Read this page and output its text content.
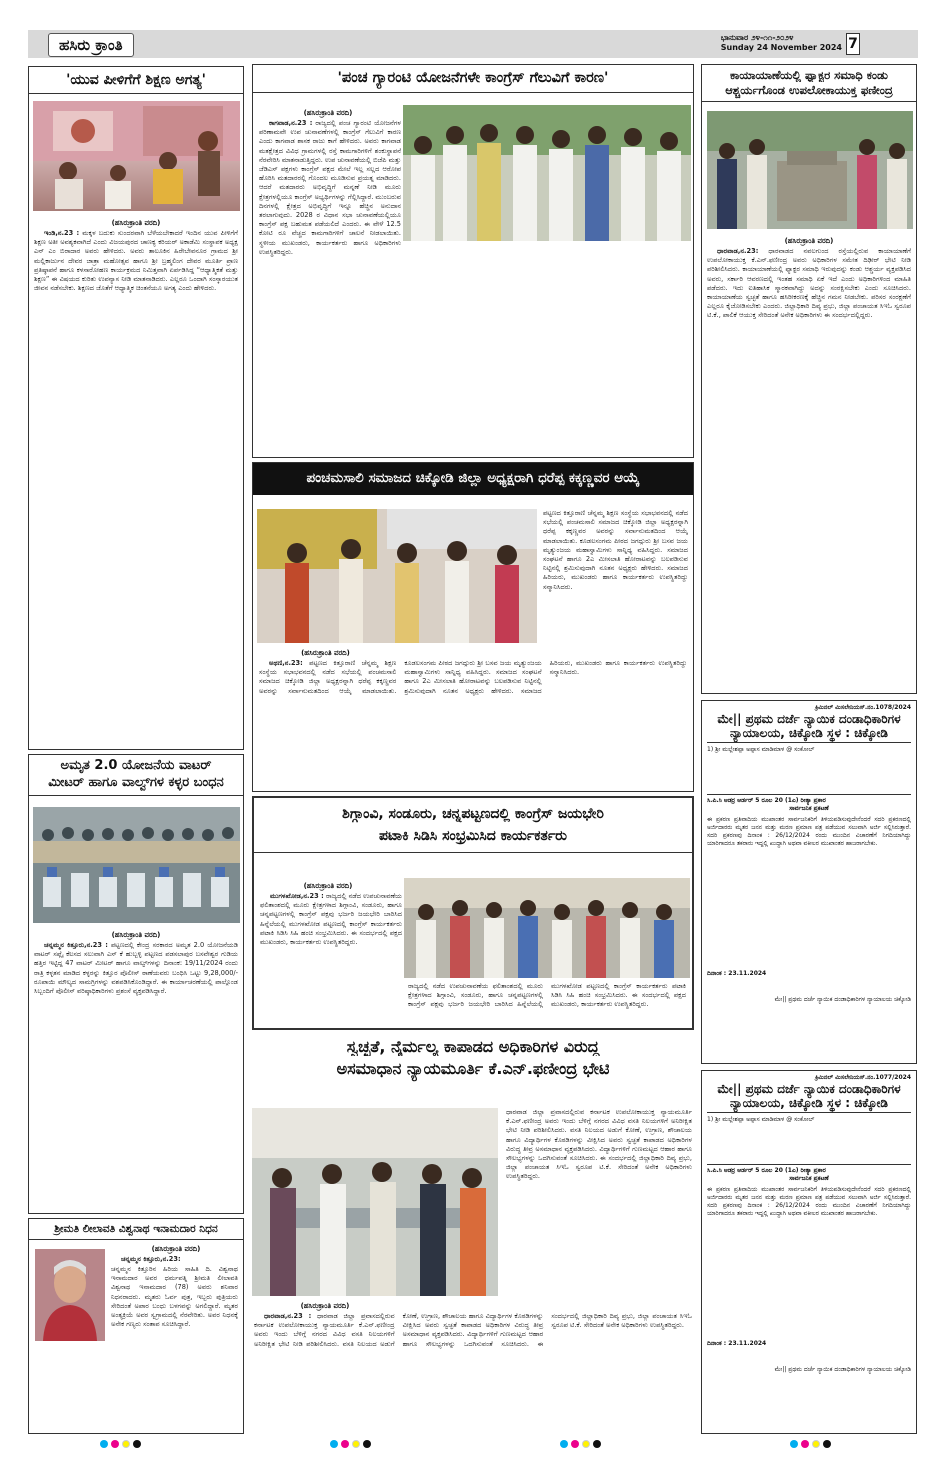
ಹಸಿರು ಕ್ರಾಂತಿ	ಭಾನುವಾರ ೨೪-೧೧-೨೦೨೪
Sunday 24 November 2024 7
'ಯುವ ಪೀಳಿಗೆಗೆ ಶಿಕ್ಷಣ ಅಗತ್ಯ'
(ಹಸಿರುಕ್ರಾಂತಿ ವರದಿ)

ಇಂಡಿ,ನ.23 : ಮಕ್ಕಳ ಬದುಕು ಸುಂದರವಾಗಿ ಬೆಳೆಯಬೇಕಾದರೆ ಇಂದಿನ ಯುವ ಪೀಳಿಗೆಗೆ ಶಿಕ್ಷಣ ಅತೀ ಅವಶ್ಯಕವಾಗಿದೆ ಎಂದು ವಿಜಯಪುರದ ಚಾಣಕ್ಯ ಕರಿಯರ್ ಅಕಾಡೆಮಿ ಸಂಸ್ಥಾಪಕ ಅಧ್ಯಕ್ಷ ಎನ್ ಎಂ ಬಿರಾದಾರ ಅವರು ಹೇಳಿದರು. ಅವರು ತಾಲೂಕಿನ ಹಿರೇಬೇವನೂರ ಗ್ರಾಮದ ಶ್ರೀ ಮಲ್ಲಿಕಾರ್ಜುನ ದೇವರ ಜಾತ್ರಾ ಮಹೋತ್ಸವ ಹಾಗೂ ಶ್ರೀ ಬ್ರಹ್ಮಲಿಂಗ ದೇವರ ಮೂರ್ತಿ ಪ್ರಾಣ ಪ್ರತಿಷ್ಠಾಪನೆ ಹಾಗೂ ಕಳಸಾರೋಹಣ ಕಾರ್ಯಕ್ರಮದ ನಿಮಿತ್ತವಾಗಿ ಏರ್ಪಡಿಸಿದ್ದ “ಆಧ್ಯಾತ್ಮಿಕತೆ ಮತ್ತು ಶಿಕ್ಷಣ” ಈ ವಿಷಯದ ಕುರಿತು ಉಪನ್ಯಾಸ ನೀಡಿ ಮಾತನಾಡಿದರು. ಎಲ್ಲರೂ ಒಂದಾಗಿ ಸಂಸ್ಕಾರಯುತ ಜೀವನ ನಡೆಸಬೇಕು. ಶಿಕ್ಷಣದ ಜೊತೆಗೆ ಆಧ್ಯಾತ್ಮಿಕ ಚಿಂತನೆಯೂ ಅಗತ್ಯ ಎಂದು ಹೇಳಿದರು.

ಅಮೃತ 2.0 ಯೋಜನೆಯ ವಾಟರ್
ಮೀಟರ್ ಹಾಗೂ ವಾಲ್ವ್‌ಗಳ ಕಳ್ಳರ ಬಂಧನ
(ಹಸಿರುಕ್ರಾಂತಿ ವರದಿ)

ಚನ್ನಮ್ಮನ ಕಿತ್ತೂರು,ನ.23 : ಪಟ್ಟಣದಲ್ಲಿ ಕೇಂದ್ರ ಸರಕಾರದ ಅಮೃತ 2.0 ಯೋಜನೆಯಡಿ ವಾಟರ್ ಸಪ್ಲೈ ಕೆಲಸದ ಸಲುವಾಗಿ ಎಸ್ ಕೆ ಹುಬ್ಬಳ್ಳಿ ಪಟ್ಟಣದ ಪಡಸಲಾಪುರ ಬಸವೇಶ್ವರ ಗುಡಿಯ ಹತ್ತಿರ ಇಟ್ಟಿದ್ದ 47 ವಾಟರ್ ಮೀಟರ್ ಹಾಗೂ ವಾಲ್ವ್‌ಗಳನ್ನು ದಿನಾಂಕ: 19/11/2024 ರಂದು ರಾತ್ರಿ ಕಳ್ಳತನ ಮಾಡಿದ ಕಳ್ಳರನ್ನು ಕಿತ್ತೂರ ಪೊಲೀಸ್ ಠಾಣೆಯವರು ಬಂಧಿಸಿ ಒಟ್ಟು 9,28,000/- ರೂಪಾಯಿ ಮೌಲ್ಯದ ಸಾಮಗ್ರಿಗಳನ್ನು ವಶಪಡಿಸಿಕೊಂಡಿದ್ದಾರೆ. ಈ ಕಾರ್ಯಾಚರಣೆಯಲ್ಲಿ ಪಾಲ್ಗೊಂಡ ಸಿಬ್ಬಂದಿಗೆ ಪೊಲೀಸ್ ವರಿಷ್ಠಾಧಿಕಾರಿಗಳು ಪ್ರಶಂಸೆ ವ್ಯಕ್ತಪಡಿಸಿದ್ದಾರೆ.

ಶ್ರೀಮತಿ ಲೀಲಾವತಿ ವಿಶ್ವನಾಥ ಇನಾಮದಾರ ನಿಧನ
(ಹಸಿರುಕ್ರಾಂತಿ ವರದಿ)

ಚನ್ನಮ್ಮನ ಕಿತ್ತೂರು,ನ.23:

ಚನ್ನಮ್ಮನ ಕಿತ್ತೂರಿನ ಹಿರಿಯ ಸಾಹಿತಿ ದಿ. ವಿಶ್ವನಾಥ ಇನಾಮದಾರ ಅವರ ಧರ್ಮಪತ್ನಿ ಶ್ರೀಮತಿ ಲೀಲಾವತಿ ವಿಶ್ವನಾಥ ಇನಾಮದಾರ (78) ಅವರು ಶನಿವಾರ ನಿಧನರಾದರು. ಮೃತರು ಓರ್ವ ಪುತ್ರ, ಇಬ್ಬರು ಪುತ್ರಿಯರು ಸೇರಿದಂತೆ ಅಪಾರ ಬಂಧು ಬಳಗವನ್ನು ಅಗಲಿದ್ದಾರೆ. ಮೃತರ ಅಂತ್ಯಕ್ರಿಯೆ ಅವರ ಸ್ವಗ್ರಾಮದಲ್ಲಿ ನೆರವೇರಿತು. ಅವರ ನಿಧನಕ್ಕೆ ಅನೇಕ ಗಣ್ಯರು ಸಂತಾಪ ಸೂಚಿಸಿದ್ದಾರೆ.
'ಪಂಚ ಗ್ಯಾರಂಟಿ ಯೋಜನೆಗಳೇ ಕಾಂಗ್ರೆಸ್ ಗೆಲುವಿಗೆ ಕಾರಣ'
(ಹಸಿರುಕ್ರಾಂತಿ ವರದಿ)

ಕಾಗವಾಡ,ನ.23 : ರಾಜ್ಯದಲ್ಲಿ ಪಂಚ ಗ್ಯಾರಂಟಿ ಯೋಜನೆಗಳ ಪರಿಣಾಮವೇ ಉಪ ಚುನಾವಣೆಗಳಲ್ಲಿ ಕಾಂಗ್ರೆಸ್ ಗೆಲುವಿಗೆ ಕಾರಣ ಎಂದು ಕಾಗವಾಡ ಶಾಸಕ ರಾಜು ಕಾಗೆ ಹೇಳಿದರು. ಅವರು ಕಾಗವಾಡ ಮತಕ್ಷೇತ್ರದ ವಿವಿಧ ಗ್ರಾಮಗಳಲ್ಲಿ ರಸ್ತೆ ಕಾಮಗಾರಿಗಳಿಗೆ ಶಂಕುಸ್ಥಾಪನೆ ನೆರವೇರಿಸಿ ಮಾತನಾಡುತ್ತಿದ್ದರು. ಉಪ ಚುನಾವಣೆಯಲ್ಲಿ ಬಿಜೆಪಿ ಮತ್ತು ಜೆಡಿಎಸ್ ಪಕ್ಷಗಳು ಕಾಂಗ್ರೆಸ್ ಪಕ್ಷದ ಮೇಲೆ ಇಲ್ಲ ಸಲ್ಲದ ಆರೋಪ ಹೊರಿಸಿ ಮತದಾರರಲ್ಲಿ ಗೊಂದಲ ಮೂಡಿಸುವ ಪ್ರಯತ್ನ ಮಾಡಿದರು. ಆದರೆ ಮತದಾರರು ಅಭಿವೃದ್ಧಿಗೆ ಮನ್ನಣೆ ನೀಡಿ ಮೂರು ಕ್ಷೇತ್ರಗಳಲ್ಲಿಯೂ ಕಾಂಗ್ರೆಸ್ ಅಭ್ಯರ್ಥಿಗಳನ್ನು ಗೆಲ್ಲಿಸಿದ್ದಾರೆ. ಮುಂಬರುವ ದಿನಗಳಲ್ಲಿ ಕ್ಷೇತ್ರದ ಅಭಿವೃದ್ಧಿಗೆ ಇನ್ನೂ ಹೆಚ್ಚಿನ ಅನುದಾನ ತರಲಾಗುವುದು. 2028 ರ ವಿಧಾನ ಸಭಾ ಚುನಾವಣೆಯಲ್ಲಿಯೂ ಕಾಂಗ್ರೆಸ್ ಪಕ್ಷ ಬಹುಮತ ಪಡೆಯಲಿದೆ ಎಂದರು. ಈ ವೇಳೆ 12.5 ಕೋಟಿ ರೂ ವೆಚ್ಚದ ಕಾಮಗಾರಿಗಳಿಗೆ ಚಾಲನೆ ನೀಡಲಾಯಿತು. ಸ್ಥಳೀಯ ಮುಖಂಡರು, ಕಾರ್ಯಕರ್ತರು ಹಾಗೂ ಅಧಿಕಾರಿಗಳು ಉಪಸ್ಥಿತರಿದ್ದರು.

ಪಂಚಮಸಾಲಿ ಸಮಾಜದ ಚಿಕ್ಕೋಡಿ ಜಿಲ್ಲಾ ಅಧ್ಯಕ್ಷರಾಗಿ ಧರೆಪ್ಪ ಕಕ್ಕಣ್ಣವರ ಆಯ್ಕೆ
ಪಟ್ಟಣದ ಕಿತ್ತೂರಾಣಿ ಚೆನ್ನಮ್ಮ ಶಿಕ್ಷಣ ಸಂಸ್ಥೆಯ ಸಭಾಭವನದಲ್ಲಿ ನಡೆದ ಸಭೆಯಲ್ಲಿ ಪಂಚಮಸಾಲಿ ಸಮಾಜದ ಚಿಕ್ಕೋಡಿ ಜಿಲ್ಲಾ ಅಧ್ಯಕ್ಷರನ್ನಾಗಿ ಧರೆಪ್ಪ ಕಕ್ಕಣ್ಣವರ ಅವರನ್ನು ಸರ್ವಾನುಮತದಿಂದ ಆಯ್ಕೆ ಮಾಡಲಾಯಿತು. ಕೂಡಲಸಂಗಮ ಪೀಠದ ಜಗದ್ಗುರು ಶ್ರೀ ಬಸವ ಜಯ ಮೃತ್ಯುಂಜಯ ಮಹಾಸ್ವಾಮಿಗಳು ಸಾನ್ನಿಧ್ಯ ವಹಿಸಿದ್ದರು. ಸಮಾಜದ ಸಂಘಟನೆ ಹಾಗೂ 2ಎ ಮೀಸಲಾತಿ ಹೋರಾಟವನ್ನು ಬಲಪಡಿಸುವ ನಿಟ್ಟಿನಲ್ಲಿ ಶ್ರಮಿಸುವುದಾಗಿ ನೂತನ ಅಧ್ಯಕ್ಷರು ಹೇಳಿದರು. ಸಮಾಜದ ಹಿರಿಯರು, ಮುಖಂಡರು ಹಾಗೂ ಕಾರ್ಯಕರ್ತರು ಉಪಸ್ಥಿತರಿದ್ದು ಸನ್ಮಾನಿಸಿದರು.
(ಹಸಿರುಕ್ರಾಂತಿ ವರದಿ)

ಅಥಣಿ,ನ.23: ಪಟ್ಟಣದ ಕಿತ್ತೂರಾಣಿ ಚೆನ್ನಮ್ಮ ಶಿಕ್ಷಣ ಸಂಸ್ಥೆಯ ಸಭಾಭವನದಲ್ಲಿ ನಡೆದ ಸಭೆಯಲ್ಲಿ ಪಂಚಮಸಾಲಿ ಸಮಾಜದ ಚಿಕ್ಕೋಡಿ ಜಿಲ್ಲಾ ಅಧ್ಯಕ್ಷರನ್ನಾಗಿ ಧರೆಪ್ಪ ಕಕ್ಕಣ್ಣವರ ಅವರನ್ನು ಸರ್ವಾನುಮತದಿಂದ ಆಯ್ಕೆ ಮಾಡಲಾಯಿತು. ಕೂಡಲಸಂಗಮ ಪೀಠದ ಜಗದ್ಗುರು ಶ್ರೀ ಬಸವ ಜಯ ಮೃತ್ಯುಂಜಯ ಮಹಾಸ್ವಾಮಿಗಳು ಸಾನ್ನಿಧ್ಯ ವಹಿಸಿದ್ದರು. ಸಮಾಜದ ಸಂಘಟನೆ ಹಾಗೂ 2ಎ ಮೀಸಲಾತಿ ಹೋರಾಟವನ್ನು ಬಲಪಡಿಸುವ ನಿಟ್ಟಿನಲ್ಲಿ ಶ್ರಮಿಸುವುದಾಗಿ ನೂತನ ಅಧ್ಯಕ್ಷರು ಹೇಳಿದರು. ಸಮಾಜದ ಹಿರಿಯರು, ಮುಖಂಡರು ಹಾಗೂ ಕಾರ್ಯಕರ್ತರು ಉಪಸ್ಥಿತರಿದ್ದು ಸನ್ಮಾನಿಸಿದರು.

ಶಿಗ್ಗಾಂವಿ, ಸಂಡೂರು, ಚನ್ನಪಟ್ಟಣದಲ್ಲಿ ಕಾಂಗ್ರೆಸ್ ಜಯಭೇರಿ
ಪಟಾಕಿ ಸಿಡಿಸಿ ಸಂಭ್ರಮಿಸಿದ ಕಾರ್ಯಕರ್ತರು
(ಹಸಿರುಕ್ರಾಂತಿ ವರದಿ)

ಮುಗಳಖೋಡ,ನ.23 : ರಾಜ್ಯದಲ್ಲಿ ನಡೆದ ಉಪಚುನಾವಣೆಯ ಫಲಿತಾಂಶದಲ್ಲಿ ಮೂರು ಕ್ಷೇತ್ರಗಳಾದ ಶಿಗ್ಗಾಂವಿ, ಸಂಡೂರು, ಹಾಗೂ ಚನ್ನಪಟ್ಟಣಗಳಲ್ಲಿ ಕಾಂಗ್ರೆಸ್ ಪಕ್ಷವು ಭರ್ಜರಿ ಜಯಭೇರಿ ಬಾರಿಸಿದ ಹಿನ್ನೆಲೆಯಲ್ಲಿ ಮುಗಳಖೋಡ ಪಟ್ಟಣದಲ್ಲಿ ಕಾಂಗ್ರೆಸ್ ಕಾರ್ಯಕರ್ತರು ಪಟಾಕಿ ಸಿಡಿಸಿ ಸಿಹಿ ಹಂಚಿ ಸಂಭ್ರಮಿಸಿದರು. ಈ ಸಂದರ್ಭದಲ್ಲಿ ಪಕ್ಷದ ಮುಖಂಡರು, ಕಾರ್ಯಕರ್ತರು ಉಪಸ್ಥಿತರಿದ್ದರು.

ರಾಜ್ಯದಲ್ಲಿ ನಡೆದ ಉಪಚುನಾವಣೆಯ ಫಲಿತಾಂಶದಲ್ಲಿ ಮೂರು ಕ್ಷೇತ್ರಗಳಾದ ಶಿಗ್ಗಾಂವಿ, ಸಂಡೂರು, ಹಾಗೂ ಚನ್ನಪಟ್ಟಣಗಳಲ್ಲಿ ಕಾಂಗ್ರೆಸ್ ಪಕ್ಷವು ಭರ್ಜರಿ ಜಯಭೇರಿ ಬಾರಿಸಿದ ಹಿನ್ನೆಲೆಯಲ್ಲಿ ಮುಗಳಖೋಡ ಪಟ್ಟಣದಲ್ಲಿ ಕಾಂಗ್ರೆಸ್ ಕಾರ್ಯಕರ್ತರು ಪಟಾಕಿ ಸಿಡಿಸಿ ಸಿಹಿ ಹಂಚಿ ಸಂಭ್ರಮಿಸಿದರು. ಈ ಸಂದರ್ಭದಲ್ಲಿ ಪಕ್ಷದ ಮುಖಂಡರು, ಕಾರ್ಯಕರ್ತರು ಉಪಸ್ಥಿತರಿದ್ದರು.
ಸ್ವಚ್ಛತೆ, ನೈರ್ಮಲ್ಯ ಕಾಪಾಡದ ಅಧಿಕಾರಿಗಳ ವಿರುದ್ಧ
ಅಸಮಾಧಾನ ನ್ಯಾಯಮೂರ್ತಿ ಕೆ.ಎನ್.ಫಣೀಂದ್ರ ಭೇಟಿ
ಧಾರವಾಡ ಜಿಲ್ಲಾ ಪ್ರವಾಸದಲ್ಲಿರುವ ಕರ್ನಾಟಕ ಉಪಲೋಕಾಯುಕ್ತ ನ್ಯಾಯಮೂರ್ತಿ ಕೆ.ಎನ್.ಫಣೀಂದ್ರ ಅವರು ಇಂದು ಬೆಳಿಗ್ಗೆ ನಗರದ ವಿವಿಧ ವಸತಿ ನಿಲಯಗಳಿಗೆ ಅನಿರೀಕ್ಷಿತ ಭೇಟಿ ನೀಡಿ ಪರಿಶೀಲಿಸಿದರು. ವಸತಿ ನಿಲಯದ ಅಡುಗೆ ಕೋಣೆ, ಉಗ್ರಾಣ, ಶೌಚಾಲಯ ಹಾಗೂ ವಿದ್ಯಾರ್ಥಿಗಳ ಕೊಠಡಿಗಳನ್ನು ವೀಕ್ಷಿಸಿದ ಅವರು ಸ್ವಚ್ಛತೆ ಕಾಪಾಡದ ಅಧಿಕಾರಿಗಳ ವಿರುದ್ಧ ತೀವ್ರ ಅಸಮಾಧಾನ ವ್ಯಕ್ತಪಡಿಸಿದರು. ವಿದ್ಯಾರ್ಥಿಗಳಿಗೆ ಗುಣಮಟ್ಟದ ಆಹಾರ ಹಾಗೂ ಸೌಲಭ್ಯಗಳನ್ನು ಒದಗಿಸುವಂತೆ ಸೂಚಿಸಿದರು. ಈ ಸಂದರ್ಭದಲ್ಲಿ ಜಿಲ್ಲಾಧಿಕಾರಿ ದಿವ್ಯ ಪ್ರಭು, ಜಿಲ್ಲಾ ಪಂಚಾಯತ ಸಿಇಓ ಸ್ವರೂಪ ಟಿ.ಕೆ. ಸೇರಿದಂತೆ ಅನೇಕ ಅಧಿಕಾರಿಗಳು ಉಪಸ್ಥಿತರಿದ್ದರು.
(ಹಸಿರುಕ್ರಾಂತಿ ವರದಿ)

ಧಾರವಾಡ,ನ.23 : ಧಾರವಾಡ ಜಿಲ್ಲಾ ಪ್ರವಾಸದಲ್ಲಿರುವ ಕರ್ನಾಟಕ ಉಪಲೋಕಾಯುಕ್ತ ನ್ಯಾಯಮೂರ್ತಿ ಕೆ.ಎನ್.ಫಣೀಂದ್ರ ಅವರು ಇಂದು ಬೆಳಿಗ್ಗೆ ನಗರದ ವಿವಿಧ ವಸತಿ ನಿಲಯಗಳಿಗೆ ಅನಿರೀಕ್ಷಿತ ಭೇಟಿ ನೀಡಿ ಪರಿಶೀಲಿಸಿದರು. ವಸತಿ ನಿಲಯದ ಅಡುಗೆ ಕೋಣೆ, ಉಗ್ರಾಣ, ಶೌಚಾಲಯ ಹಾಗೂ ವಿದ್ಯಾರ್ಥಿಗಳ ಕೊಠಡಿಗಳನ್ನು ವೀಕ್ಷಿಸಿದ ಅವರು ಸ್ವಚ್ಛತೆ ಕಾಪಾಡದ ಅಧಿಕಾರಿಗಳ ವಿರುದ್ಧ ತೀವ್ರ ಅಸಮಾಧಾನ ವ್ಯಕ್ತಪಡಿಸಿದರು. ವಿದ್ಯಾರ್ಥಿಗಳಿಗೆ ಗುಣಮಟ್ಟದ ಆಹಾರ ಹಾಗೂ ಸೌಲಭ್ಯಗಳನ್ನು ಒದಗಿಸುವಂತೆ ಸೂಚಿಸಿದರು. ಈ ಸಂದರ್ಭದಲ್ಲಿ ಜಿಲ್ಲಾಧಿಕಾರಿ ದಿವ್ಯ ಪ್ರಭು, ಜಿಲ್ಲಾ ಪಂಚಾಯತ ಸಿಇಓ ಸ್ವರೂಪ ಟಿ.ಕೆ. ಸೇರಿದಂತೆ ಅನೇಕ ಅಧಿಕಾರಿಗಳು ಉಪಸ್ಥಿತರಿದ್ದರು.

ಕಾಯಾಯಾಣೆಯಲ್ಲಿ ಫ್ಯಾಕ್ಟರ ಸಮಾಧಿ ಕಂಡು
ಆಶ್ಚರ್ಯಗೊಂಡ ಉಪಲೋಕಾಯುಕ್ತ ಫಣೀಂದ್ರ
(ಹಸಿರುಕ್ರಾಂತಿ ವರದಿ)

ಧಾರವಾಡ,ನ.23: ಧಾರವಾಡದ ನವಲಗುಂದ ರಸ್ತೆಯಲ್ಲಿರುವ ಕಾಯಾಯಾಣೆಗೆ ಉಪಲೋಕಾಯುಕ್ತ ಕೆ.ಎನ್.ಫಣೀಂದ್ರ ಅವರು ಅಧಿಕಾರಿಗಳ ಸಮೇತ ದಿಢೀರ್ ಭೇಟಿ ನೀಡಿ ಪರಿಶೀಲಿಸಿದರು. ಕಾಯಾಯಾಣೆಯಲ್ಲಿ ಫ್ಯಾಕ್ಟರ ಸಮಾಧಿ ಇರುವುದನ್ನು ಕಂಡು ಆಶ್ಚರ್ಯ ವ್ಯಕ್ತಪಡಿಸಿದ ಅವರು, ಸರ್ಕಾರಿ ಆವರಣದಲ್ಲಿ ಇಂತಹ ಸಮಾಧಿ ಏಕೆ ಇದೆ ಎಂದು ಅಧಿಕಾರಿಗಳಿಂದ ಮಾಹಿತಿ ಪಡೆದರು. ಇದು ಐತಿಹಾಸಿಕ ಸ್ಮಾರಕವಾಗಿದ್ದು ಅದನ್ನು ಸಂರಕ್ಷಿಸಬೇಕು ಎಂದು ಸೂಚಿಸಿದರು. ಕಾಯಾಯಾಣೆಯ ಸ್ವಚ್ಛತೆ ಹಾಗೂ ಹಸಿರೀಕರಣಕ್ಕೆ ಹೆಚ್ಚಿನ ಗಮನ ನೀಡಬೇಕು. ಪರಿಸರ ಸಂರಕ್ಷಣೆಗೆ ಎಲ್ಲರೂ ಕೈಜೋಡಿಸಬೇಕು ಎಂದರು. ಜಿಲ್ಲಾಧಿಕಾರಿ ದಿವ್ಯ ಪ್ರಭು, ಜಿಲ್ಲಾ ಪಂಚಾಯತ ಸಿಇಓ ಸ್ವರೂಪ ಟಿ.ಕೆ., ಪಾಲಿಕೆ ಆಯುಕ್ತ ಸೇರಿದಂತೆ ಅನೇಕ ಅಧಿಕಾರಿಗಳು ಈ ಸಂದರ್ಭದಲ್ಲಿದ್ದರು.

ಕ್ರಿಮಿನಲ್ ಮಿಸಲೇನಿಯಸ್.ನಂ.1078/2024
ಮೇ|| ಪ್ರಥಮ ದರ್ಜೆ ನ್ಯಾಯಿಕ ದಂಡಾಧಿಕಾರಿಗಳ
ನ್ಯಾಯಾಲಯ, ಚಿಕ್ಕೋಡಿ ಸ್ಥಳ : ಚಿಕ್ಕೋಡಿ
1) ಶ್ರೀ ಮಲ್ಲೇಶಪ್ಪಾ ಅಪ್ಪಾಸ ಮಾಡಿಮಾಳ @ ಸಂಕೋಲ್
ಸಿ.ಪಿ.ಸಿ ಆಡರ್ರ ಆರ್ಡರ್ 5 ರೂಲ 20 (1ಎ) ರೀತ್ಯಾ ಪ್ರಕಾರ
ಸಾರ್ವಜನಿಕ ಪ್ರಕಟಣೆ
ಈ ಪ್ರಕರಣ ಪ್ರತಿವಾದಿಯ ಮುಖಾಂತರ ಸಾರ್ವಜನಿಕರಿಗೆ ತಿಳಿಯಪಡಿಸುವುದೇನೆಂದರೆ ಸದರಿ ಪ್ರಕರಣದಲ್ಲಿ ಅರ್ಜಿದಾರರು ಮೃತರ ಜನನ ಮತ್ತು ಮರಣ ಪ್ರಮಾಣ ಪತ್ರ ಪಡೆಯುವ ಸಲುವಾಗಿ ಅರ್ಜಿ ಸಲ್ಲಿಸಿರುತ್ತಾರೆ. ಸದರಿ ಪ್ರಕರಣವು ದಿನಾಂಕ : 26/12/2024 ರಂದು ಮುಂದಿನ ವಿಚಾರಣೆಗೆ ನಿಗದಿಯಾಗಿದ್ದು ಯಾರಿಗಾದರೂ ತಕರಾರು ಇದ್ದಲ್ಲಿ ಖುದ್ದಾಗಿ ಅಥವಾ ವಕೀಲರ ಮುಖಾಂತರ ಹಾಜರಾಗಬೇಕು.
ದಿನಾಂಕ : 23.11.2024
ಮೇ|| ಪ್ರಥಮ ದರ್ಜೆ ನ್ಯಾಯಿಕ ದಂಡಾಧಿಕಾರಿಗಳ ನ್ಯಾಯಾಲಯ ಚಿಕ್ಕೋಡಿ
ಕ್ರಿಮಿನಲ್ ಮಿಸಲೇನಿಯಸ್.ನಂ.1077/2024
ಮೇ|| ಪ್ರಥಮ ದರ್ಜೆ ನ್ಯಾಯಿಕ ದಂಡಾಧಿಕಾರಿಗಳ
ನ್ಯಾಯಾಲಯ, ಚಿಕ್ಕೋಡಿ ಸ್ಥಳ : ಚಿಕ್ಕೋಡಿ
1) ಶ್ರೀ ಮಲ್ಲೇಶಪ್ಪಾ ಅಪ್ಪಾಸ ಮಾಡಿಮಾಳ @ ಸಂಕೋಲ್
ಸಿ.ಪಿ.ಸಿ ಆಡರ್ರ ಆರ್ಡರ್ 5 ರೂಲ 20 (1ಎ) ರೀತ್ಯಾ ಪ್ರಕಾರ
ಸಾರ್ವಜನಿಕ ಪ್ರಕಟಣೆ
ಈ ಪ್ರಕರಣ ಪ್ರತಿವಾದಿಯ ಮುಖಾಂತರ ಸಾರ್ವಜನಿಕರಿಗೆ ತಿಳಿಯಪಡಿಸುವುದೇನೆಂದರೆ ಸದರಿ ಪ್ರಕರಣದಲ್ಲಿ ಅರ್ಜಿದಾರರು ಮೃತರ ಜನನ ಮತ್ತು ಮರಣ ಪ್ರಮಾಣ ಪತ್ರ ಪಡೆಯುವ ಸಲುವಾಗಿ ಅರ್ಜಿ ಸಲ್ಲಿಸಿರುತ್ತಾರೆ. ಸದರಿ ಪ್ರಕರಣವು ದಿನಾಂಕ : 26/12/2024 ರಂದು ಮುಂದಿನ ವಿಚಾರಣೆಗೆ ನಿಗದಿಯಾಗಿದ್ದು ಯಾರಿಗಾದರೂ ತಕರಾರು ಇದ್ದಲ್ಲಿ ಖುದ್ದಾಗಿ ಅಥವಾ ವಕೀಲರ ಮುಖಾಂತರ ಹಾಜರಾಗಬೇಕು.
ದಿನಾಂಕ : 23.11.2024
ಮೇ|| ಪ್ರಥಮ ದರ್ಜೆ ನ್ಯಾಯಿಕ ದಂಡಾಧಿಕಾರಿಗಳ ನ್ಯಾಯಾಲಯ ಚಿಕ್ಕೋಡಿ
